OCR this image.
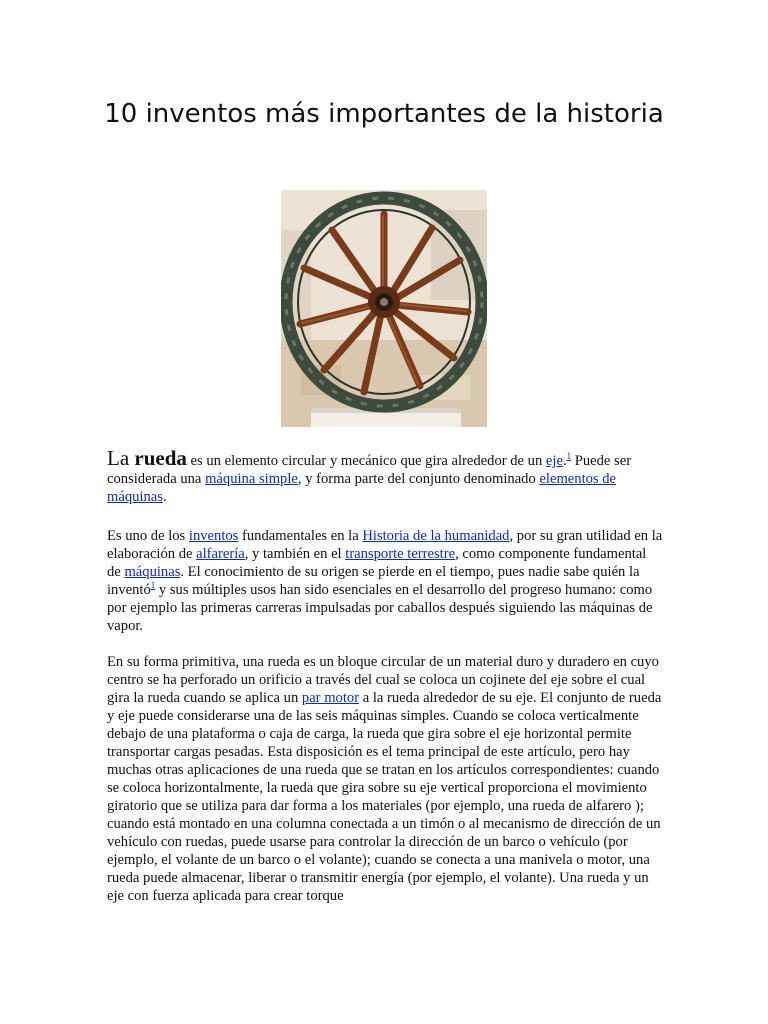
10 inventos más importantes de la historia

La rueda es un elemento circular y mecánico que gira alrededor de un eje.$^1$ Puede ser considerada una máquina simple, y forma parte del conjunto denominado elementos de máquinas.

Es uno de los inventos fundamentales en la Historia de la humanidad, por su gran utilidad en la elaboración de alfarería, y también en el transporte terrestre, como componente fundamental de máquinas. El conocimiento de su origen se pierde en el tiempo, pues nadie sabe quién la inventó$^1$ y sus múltiples usos han sido esenciales en el desarrollo del progreso humano: como por ejemplo las primeras carreras impulsadas por caballos después siguiendo las máquinas de vapor.

En su forma primitiva, una rueda es un bloque circular de un material duro y duradero en cuyo centro se ha perforado un orificio a través del cual se coloca un cojinete del eje sobre el cual gira la rueda cuando se aplica un par motor a la rueda alrededor de su eje. El conjunto de rueda y eje puede considerarse una de las seis máquinas simples. Cuando se coloca verticalmente debajo de una plataforma o caja de carga, la rueda que gira sobre el eje horizontal permite transportar cargas pesadas. Esta disposición es el tema principal de este artículo, pero hay muchas otras aplicaciones de una rueda que se tratan en los artículos correspondientes: cuando se coloca horizontalmente, la rueda que gira sobre su eje vertical proporciona el movimiento giratorio que se utiliza para dar forma a los materiales (por ejemplo, una rueda de alfarero ); cuando está montado en una columna conectada a un timón o al mecanismo de dirección de un vehículo con ruedas, puede usarse para controlar la dirección de un barco o vehículo (por ejemplo, el volante de un barco o el volante); cuando se conecta a una manivela o motor, una rueda puede almacenar, liberar o transmitir energía (por ejemplo, el volante). Una rueda y un eje con fuerza aplicada para crear torque
